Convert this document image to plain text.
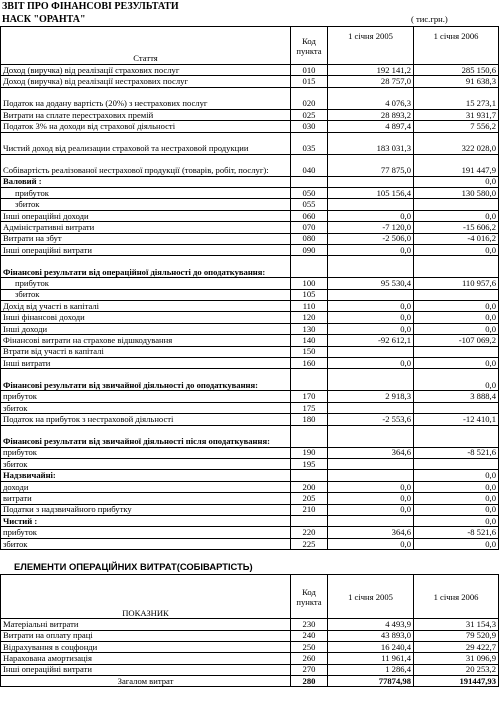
ЗВІТ ПРО ФІНАНСОВІ РЕЗУЛЬТАТИ
НАСК "ОРАНТА"	( тис.грн.)
Стаття	Код пункта	1 січня 2005	1 січня 2006
Доход (виручка) від реалізації страхових послуг	010	192 141,2	285 150,6
Доход (виручка) від реалізації нестрахових послуг	015	28 757,0	91 638,3
Податок на додану вартість (20%) з нестрахових послуг	020	4 076,3	15 273,1
Витрати на сплате перестрахових премій	025	28 893,2	31 931,7
Податок 3% на доходи від страхової діяльності	030	4 897,4	7 556,2
Чистий доход від реализации страховой та нестраховой продукции	035	183 031,3	322 028,0
Собівартість реалізованої нестрахової продукції (товарів, робіт, послуг):	040	77 875,0	191 447,9
Валовий :			0,0
прибуток	050	105 156,4	130 580,0
збиток	055		
Інші операційні доходи	060	0,0	0,0
Адміністративні витрати	070	-7 120,0	-15 606,2
Витрати на збут	080	-2 506,0	-4 016,2
Інші операційні витрати	090	0,0	0,0
Фінансові результати від операційної діяльності до оподаткування:			
прибуток	100	95 530,4	110 957,6
збиток	105		
Дохід від участі в капіталі	110	0,0	0,0
Інші фінансові доходи	120	0,0	0,0
Інші доходи	130	0,0	0,0
Фінансові витрати на страхове відшкодування	140	-92 612,1	-107 069,2
Втрати від участі в капіталі	150		
Інші витрати	160	0,0	0,0
Фінансові результати від звичайної діяльності до оподаткування:			0,0
прибуток	170	2 918,3	3 888,4
збиток	175		
Податок на прибуток з нестраховой діяльності	180	-2 553,6	-12 410,1
Фінансові результати від звичайної діяльності після оподаткування:			
прибуток	190	364,6	-8 521,6
збиток	195		
Надзвичайні:			0,0
доходи	200	0,0	0,0
витрати	205	0,0	0,0
Податки з надзвичайного прибутку	210	0,0	0,0
Чистий :			0,0
прибуток	220	364,6	-8 521,6
збиток	225	0,0	0,0
ЕЛЕМЕНТИ ОПЕРАЦІЙНИХ ВИТРАТ(СОБІВАРТІСТЬ)
ПОКАЗНИК	Код пункта	1 січня 2005	1 січня 2006
Матеріальні витрати	230	4 493,9	31 154,3
Витрати на оплату праці	240	43 893,0	79 520,9
Відрахування в соцфонди	250	16 240,4	29 422,7
Нарахована амортизація	260	11 961,4	31 096,9
Інші операційні витрати	270	1 286,4	20 253,2
Загалом витрат	280	77874,98	191447,93
